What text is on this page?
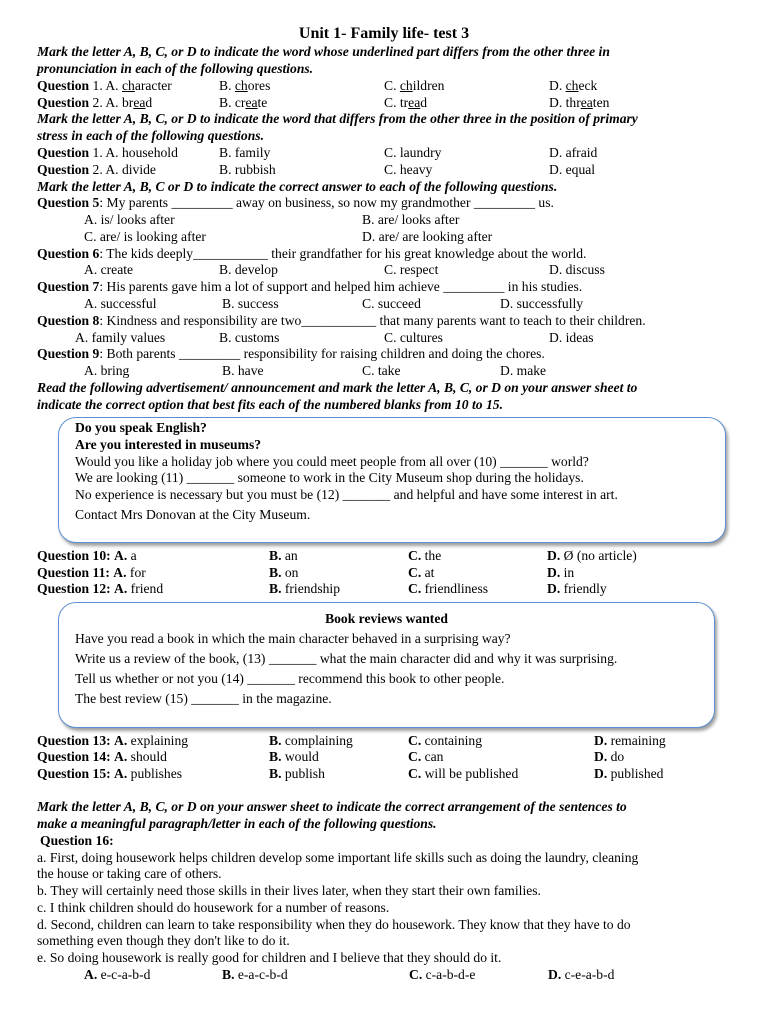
Unit 1- Family life- test 3
Mark the letter A, B, C, or D to indicate the word whose underlined part differs from the other three in
pronunciation in each of the following questions.
Question 1. A. character	B. chores	C. children	D. check
Question 2. A. bread	B. create	C. tread	D. threaten
Mark the letter A, B, C, or D to indicate the word that differs from the other three in the position of primary
stress in each of the following questions.
Question 1. A. household	B. family	C. laundry	D. afraid
Question 2. A. divide	B. rubbish	C. heavy	D. equal
Mark the letter A, B, C or D to indicate the correct answer to each of the following questions.
Question 5: My parents _________ away on business, so now my grandmother _________ us.
A. is/ looks after	B. are/ looks after
C. are/ is looking after	D. are/ are looking after
Question 6: The kids deeply___________ their grandfather for his great knowledge about the world.
A. create	B. develop	C. respect	D. discuss
Question 7: His parents gave him a lot of support and helped him achieve _________ in his studies.
A. successful	B. success	C. succeed	D. successfully
Question 8: Kindness and responsibility are two___________ that many parents want to teach to their children.
A. family values	B. customs	C. cultures	D. ideas
Question 9: Both parents _________ responsibility for raising children and doing the chores.
A. bring	B. have	C. take	D. make
Read the following advertisement/ announcement and mark the letter A, B, C, or D on your answer sheet to
indicate the correct option that best fits each of the numbered blanks from 10 to 15.
Do you speak English?
Are you interested in museums?
Would you like a holiday job where you could meet people from all over (10) _______ world?
We are looking (11) _______ someone to work in the City Museum shop during the holidays.
No experience is necessary but you must be (12) _______ and helpful and have some interest in art.
Contact Mrs Donovan at the City Museum.
Question 10: A. a	B. an	C. the	D. Ø (no article)
Question 11: A. for	B. on	C. at	D. in
Question 12: A. friend	B. friendship	C. friendliness	D. friendly
Book reviews wanted
Have you read a book in which the main character behaved in a surprising way?
Write us a review of the book, (13) _______ what the main character did and why it was surprising.
Tell us whether or not you (14) _______ recommend this book to other people.
The best review (15) _______ in the magazine.
Question 13: A. explaining	B. complaining	C. containing	D. remaining
Question 14: A. should	B. would	C. can	D. do
Question 15: A. publishes	B. publish	C. will be published	D. published
Mark the letter A, B, C, or D on your answer sheet to indicate the correct arrangement of the sentences to
make a meaningful paragraph/letter in each of the following questions.
Question 16:
a. First, doing housework helps children develop some important life skills such as doing the laundry, cleaning
the house or taking care of others.
b. They will certainly need those skills in their lives later, when they start their own families.
c. I think children should do housework for a number of reasons.
d. Second, children can learn to take responsibility when they do housework. They know that they have to do
something even though they don't like to do it.
e. So doing housework is really good for children and I believe that they should do it.
A. e-c-a-b-d	B. e-a-c-b-d	C. c-a-b-d-e	D. c-e-a-b-d
